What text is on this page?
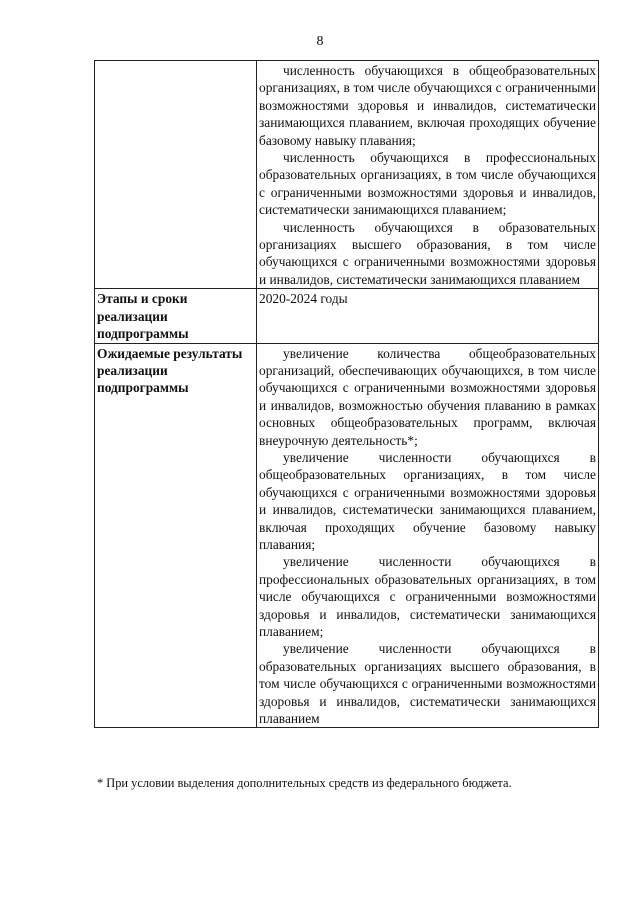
8

	численность обучающихся в общеобразовательных организациях, в том числе обучающихся с ограниченными возможностями здоровья и инвалидов, систематически занимающихся плаванием, включая проходящих обучение базовому навыку плавания;

численность обучающихся в профессиональных образовательных организациях, в том числе обучающихся с ограниченными возможностями здоровья и инвалидов, систематически занимающихся плаванием;

численность обучающихся в образовательных организациях высшего образования, в том числе обучающихся с ограниченными возможностями здоровья и инвалидов, систематически занимающихся плаванием

Этапы и сроки реализации подпрограммы	2020-2024 годы
Ожидаемые результаты реализации подпрограммы	увеличение количества общеобразовательных организаций, обеспечивающих обучающихся, в том числе обучающихся с ограниченными возможностями здоровья и инвалидов, возможностью обучения плаванию в рамках основных общеобразовательных программ, включая внеурочную деятельность*;

увеличение численности обучающихся в общеобразовательных организациях, в том числе обучающихся с ограниченными возможностями здоровья и инвалидов, систематически занимающихся плаванием, включая проходящих обучение базовому навыку плавания;

увеличение численности обучающихся в профессиональных образовательных организациях, в том числе обучающихся с ограниченными возможностями здоровья и инвалидов, систематически занимающихся плаванием;

увеличение численности обучающихся в образовательных организациях высшего образования, в том числе обучающихся с ограниченными возможностями здоровья и инвалидов, систематически занимающихся плаванием

* При условии выделения дополнительных средств из федерального бюджета.
